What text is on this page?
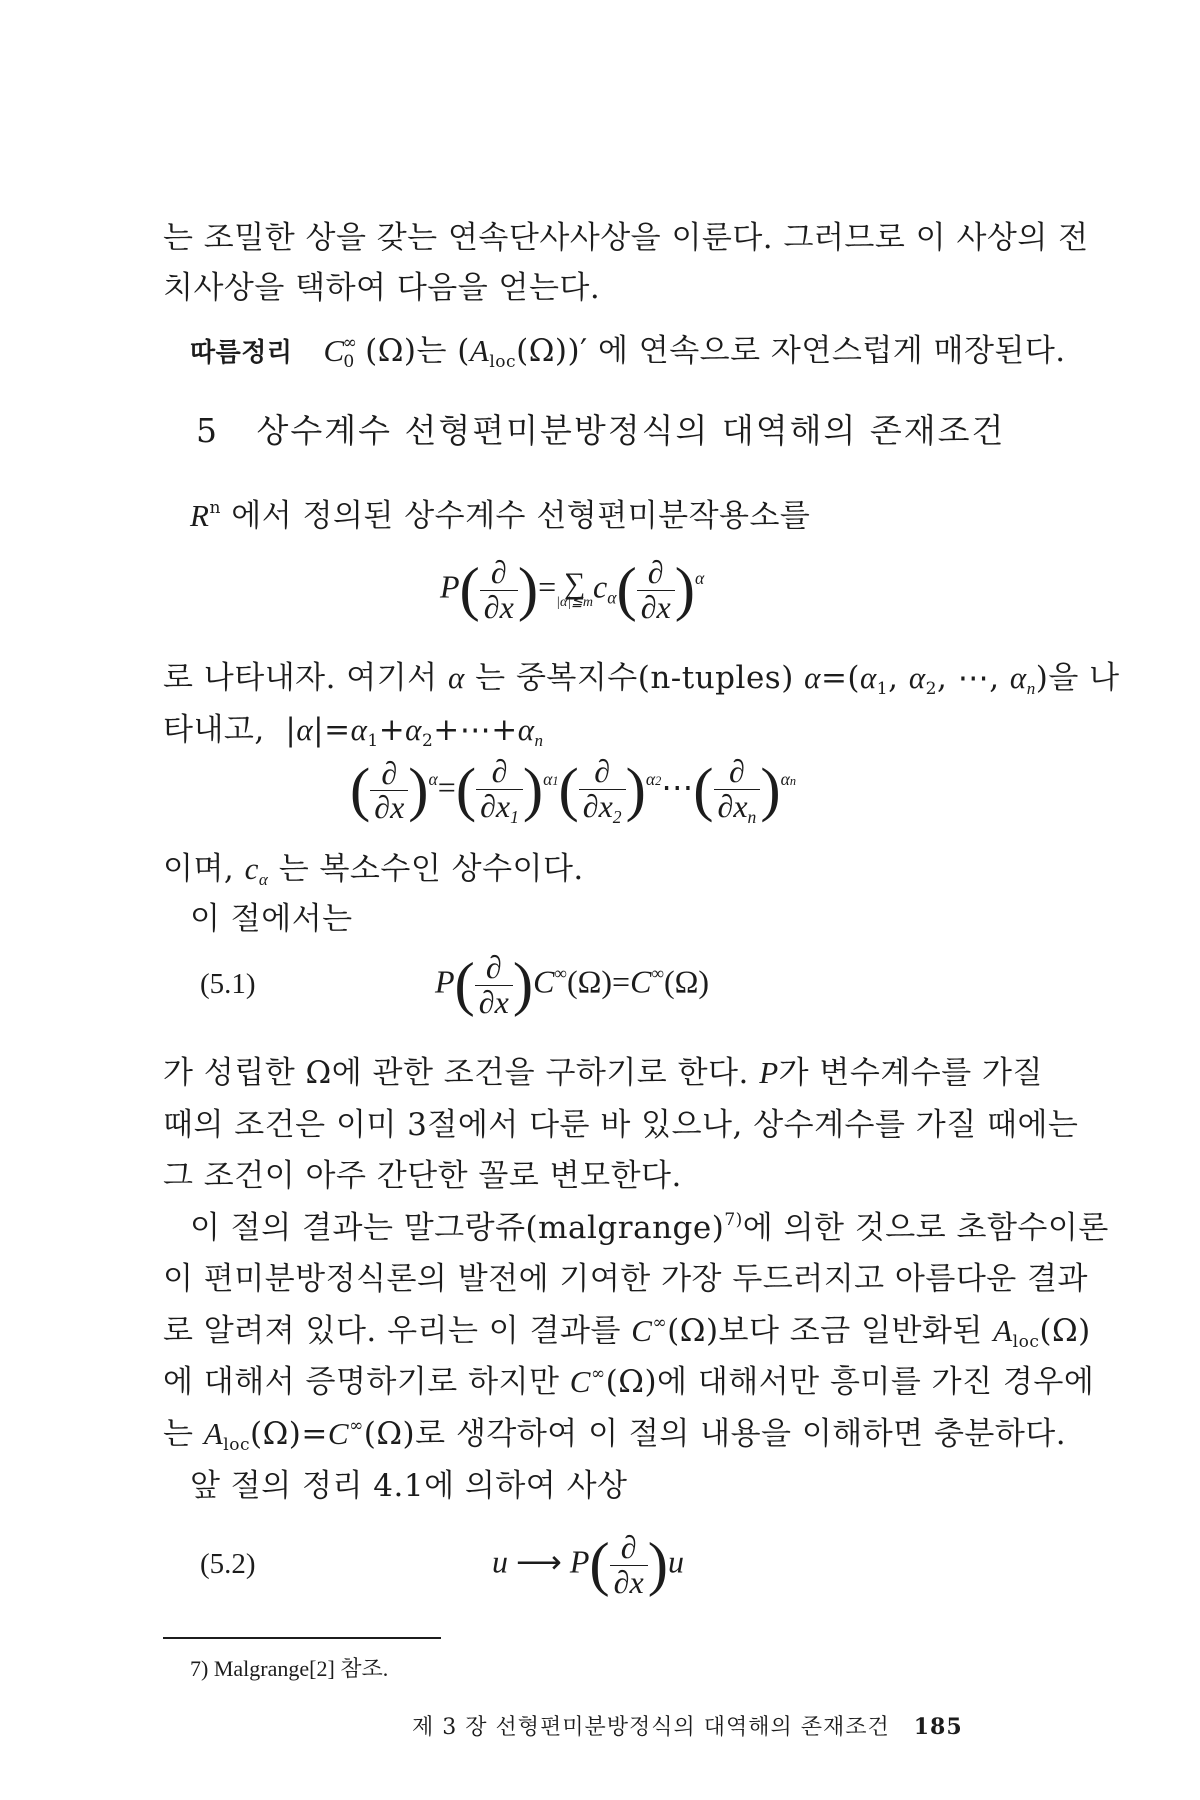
는 조밀한 상을 갖는 연속단사사상을 이룬다. 그러므로 이 사상의 전
치사상을 택하여 다음을 얻는다.
따름정리 $C^\infty_0$ (Ω)는 $(A_{loc}(\Omega))'$ 에 연속으로 자연스럽게 매장된다.
5 상수계수 선형편미분방정식의 대역해의 존재조건
$R^n$ 에서 정의된 상수계수 선형편미분작용소를
$P( \frac{\partial}{\partial x}$ )= ∑
|α|≦m $c_\alpha( \frac{\partial}{\partial x} )^\alpha$
로 나타내자. 여기서 α 는 중복지수(n-tuples) $\alpha=(\alpha_1$, $\alpha_2$, ⋯, $\alpha_n$)을 나
타내고,  $|\alpha|=\alpha_1+\alpha_2+\cdots+\alpha_n$
( $\frac{\partial}{\partial x} )^\alpha=( \frac{\partial}{\partial x_1} )^{\alpha 1}( \frac{\partial}{\partial x_2}$ )$^{\alpha 2}\cdots( \frac{\partial}{\partial x_n} )^{\alpha n}$
이며, $c_\alpha$ 는 복소수인 상수이다.
이 절에서는
(5.1)	$P( \frac{\partial}{\partial x} )C^\infty(\Omega)=C^\infty(\Omega)$
가 성립한 Ω에 관한 조건을 구하기로 한다. P가 변수계수를 가질
때의 조건은 이미 3절에서 다룬 바 있으나, 상수계수를 가질 때에는
그 조건이 아주 간단한 꼴로 변모한다.
이 절의 결과는 말그랑쥬(malgrange)$^{7)}$에 의한 것으로 초함수이론
이 편미분방정식론의 발전에 기여한 가장 두드러지고 아름다운 결과
로 알려져 있다. 우리는 이 결과를 C∞(Ω)보다 조금 일반화된 $A_{loc}(\Omega)$
에 대해서 증명하기로 하지만 C∞(Ω)에 대해서만 흥미를 가진 경우에
는 $A_{loc}(\Omega)=C^\infty(\Omega)$로 생각하여 이 절의 내용을 이해하면 충분하다.
앞 절의 정리 4.1에 의하여 사상
(5.2)	u ⟶ $P( \frac{\partial}{\partial x} )u$
7) Malgrange[2] 참조.
제 3 장 선형편미분방정식의 대역해의 존재조건 185
